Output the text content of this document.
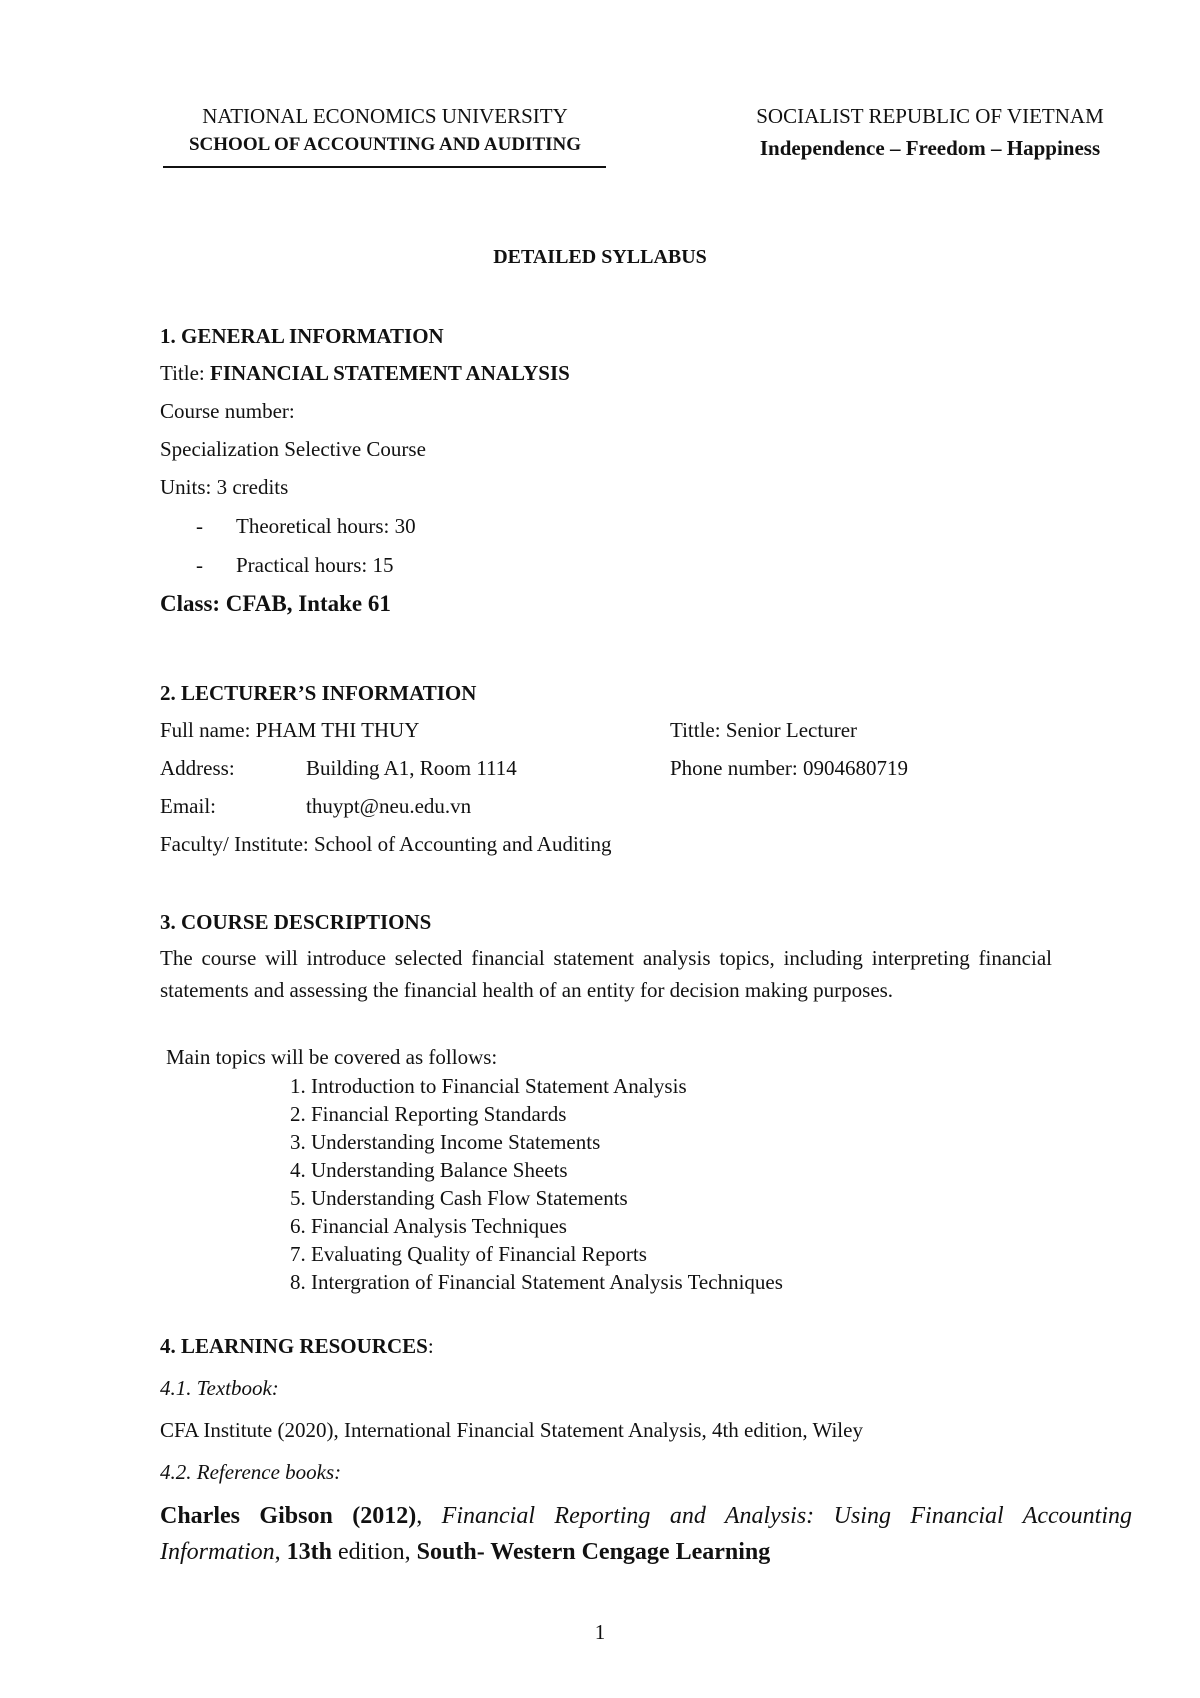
NATIONAL ECONOMICS UNIVERSITY
SCHOOL OF ACCOUNTING AND AUDITING
SOCIALIST REPUBLIC OF VIETNAM
Independence – Freedom – Happiness
DETAILED SYLLABUS
1. GENERAL INFORMATION
Title: FINANCIAL STATEMENT ANALYSIS
Course number:
Specialization Selective Course
Units: 3 credits
- Theoretical hours: 30
- Practical hours: 15
Class: CFAB, Intake 61
2. LECTURER’S INFORMATION
Full name: PHAM THI THUY	Tittle: Senior Lecturer
Address:	Building A1, Room 1114	Phone number: 0904680719
Email:	thuypt@neu.edu.vn
Faculty/ Institute: School of Accounting and Auditing
3. COURSE DESCRIPTIONS
The course will introduce selected financial statement analysis topics, including interpreting financial statements and assessing the financial health of an entity for decision making purposes.
Main topics will be covered as follows:
1. Introduction to Financial Statement Analysis
2. Financial Reporting Standards
3. Understanding Income Statements
4. Understanding Balance Sheets
5. Understanding Cash Flow Statements
6. Financial Analysis Techniques
7. Evaluating Quality of Financial Reports
8. Intergration of Financial Statement Analysis Techniques
4. LEARNING RESOURCES:
4.1. Textbook:
CFA Institute (2020), International Financial Statement Analysis, 4th edition, Wiley
4.2. Reference books:
Charles Gibson (2012), Financial Reporting and Analysis: Using Financial Accounting Information, 13th edition, South- Western Cengage Learning
1
